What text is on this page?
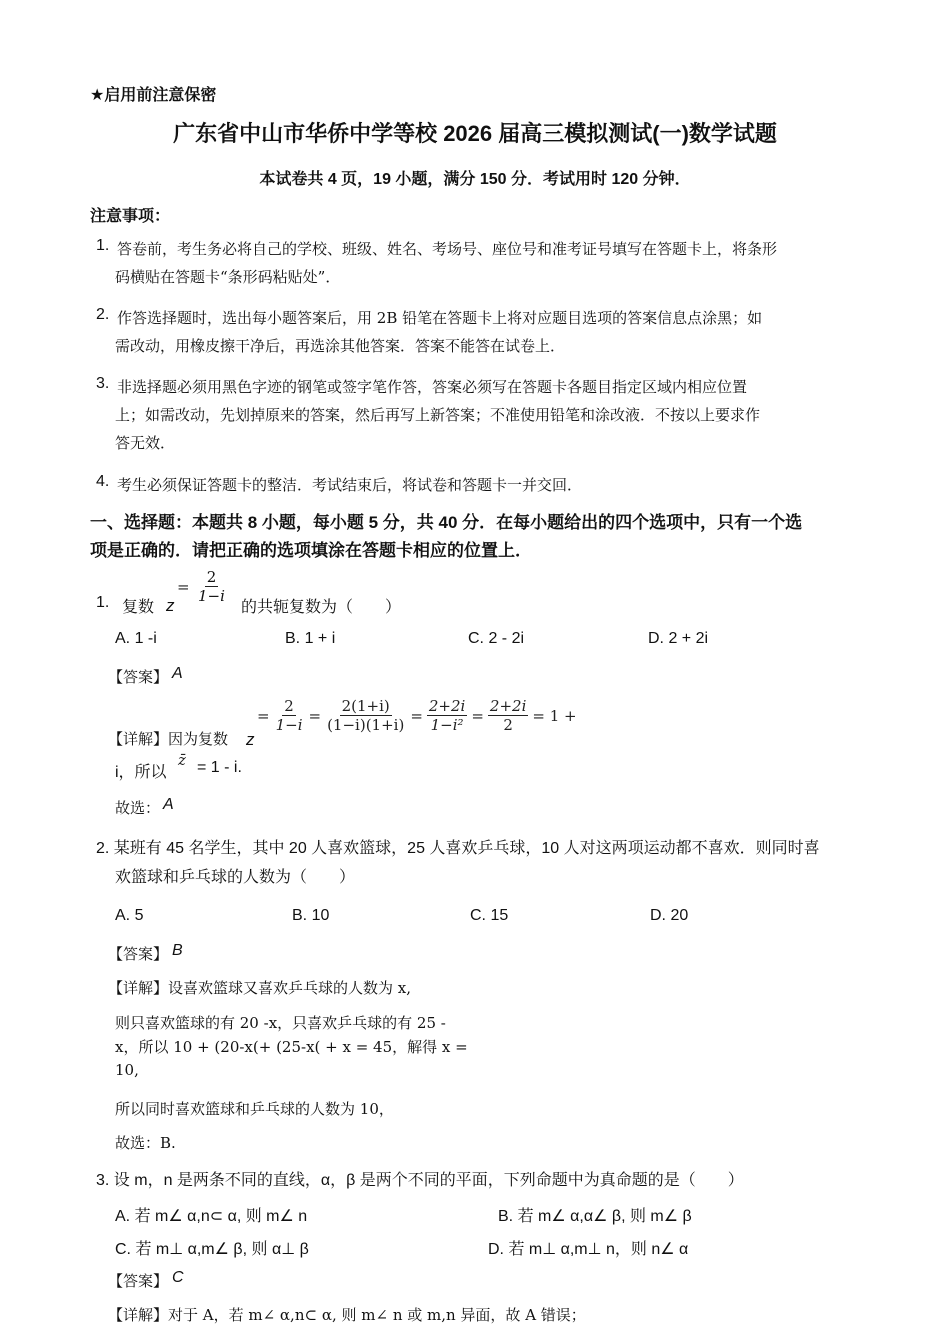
★启用前注意保密
广东省中山市华侨中学等校 2026 届高三模拟测试(一)数学试题
本试卷共 4 页，19 小题，满分 150 分．考试用时 120 分钟．
注意事项：
1. 答卷前，考生务必将自己的学校、班级、姓名、考场号、座位号和准考证号填写在答题卡上，将条形
码横贴在答题卡“条形码粘贴处”．
2. 作答选择题时，选出每小题答案后，用 2B 铅笔在答题卡上将对应题目选项的答案信息点涂黑；如
需改动，用橡皮擦干净后，再选涂其他答案．答案不能答在试卷上．
3. 非选择题必须用黑色字迹的钢笔或签字笔作答，答案必须写在答题卡各题目指定区域内相应位置
上；如需改动，先划掉原来的答案，然后再写上新答案；不准使用铅笔和涂改液．不按以上要求作
答无效．
4. 考生必须保证答题卡的整洁．考试结束后，将试卷和答题卡一并交回．
一、选择题：本题共 8 小题，每小题 5 分，共 40 分．在每小题给出的四个选项中，只有一个选
项是正确的．请把正确的选项填涂在答题卡相应的位置上．
1. 复数 z
= $\frac{2}{1-i}$
的共轭复数为（　　）
A. 1 -i	B. 1 + i	C. 2 - 2i	D. 2 + 2i
【答案】 A
【详解】因为复数 z
= $\frac{2}{1-i} = \frac{2(1+i)}{(1-i)(1+i)} = \frac{2+2i}{\text{1−i²}} = \frac{2+2i}{2} = 1$ +
i，所以
z̄ = 1 - i.
故选： A
2. 某班有 45 名学生，其中 20 人喜欢篮球，25 人喜欢乒乓球，10 人对这两项运动都不喜欢．则同时喜
欢篮球和乒乓球的人数为（　　）
A. 5	B. 10	C. 15	D. 20
【答案】 B
【详解】设喜欢篮球又喜欢乒乓球的人数为 x,
则只喜欢篮球的有 20 -x，只喜欢乒乓球的有 25 -
x，所以 10 + (20-x(+ (25-x( + x = 45，解得 x =
10,
所以同时喜欢篮球和乒乓球的人数为 10，
故选：B.
3. 设 m，n 是两条不同的直线，α，β 是两个不同的平面，下列命题中为真命题的是（　　）
A. 若 m∠ α,n⊂ α, 则 m∠ n	B. 若 m∠ α,α∠ β, 则 m∠ β
C. 若 m⊥ α,m∠ β, 则 α⊥ β	D. 若 m⊥ α,m⊥ n，则 n∠ α
【答案】 C
【详解】对于 A，若 m∠ α,n⊂ α, 则 m∠ n 或 m,n 异面，故 A 错误；
